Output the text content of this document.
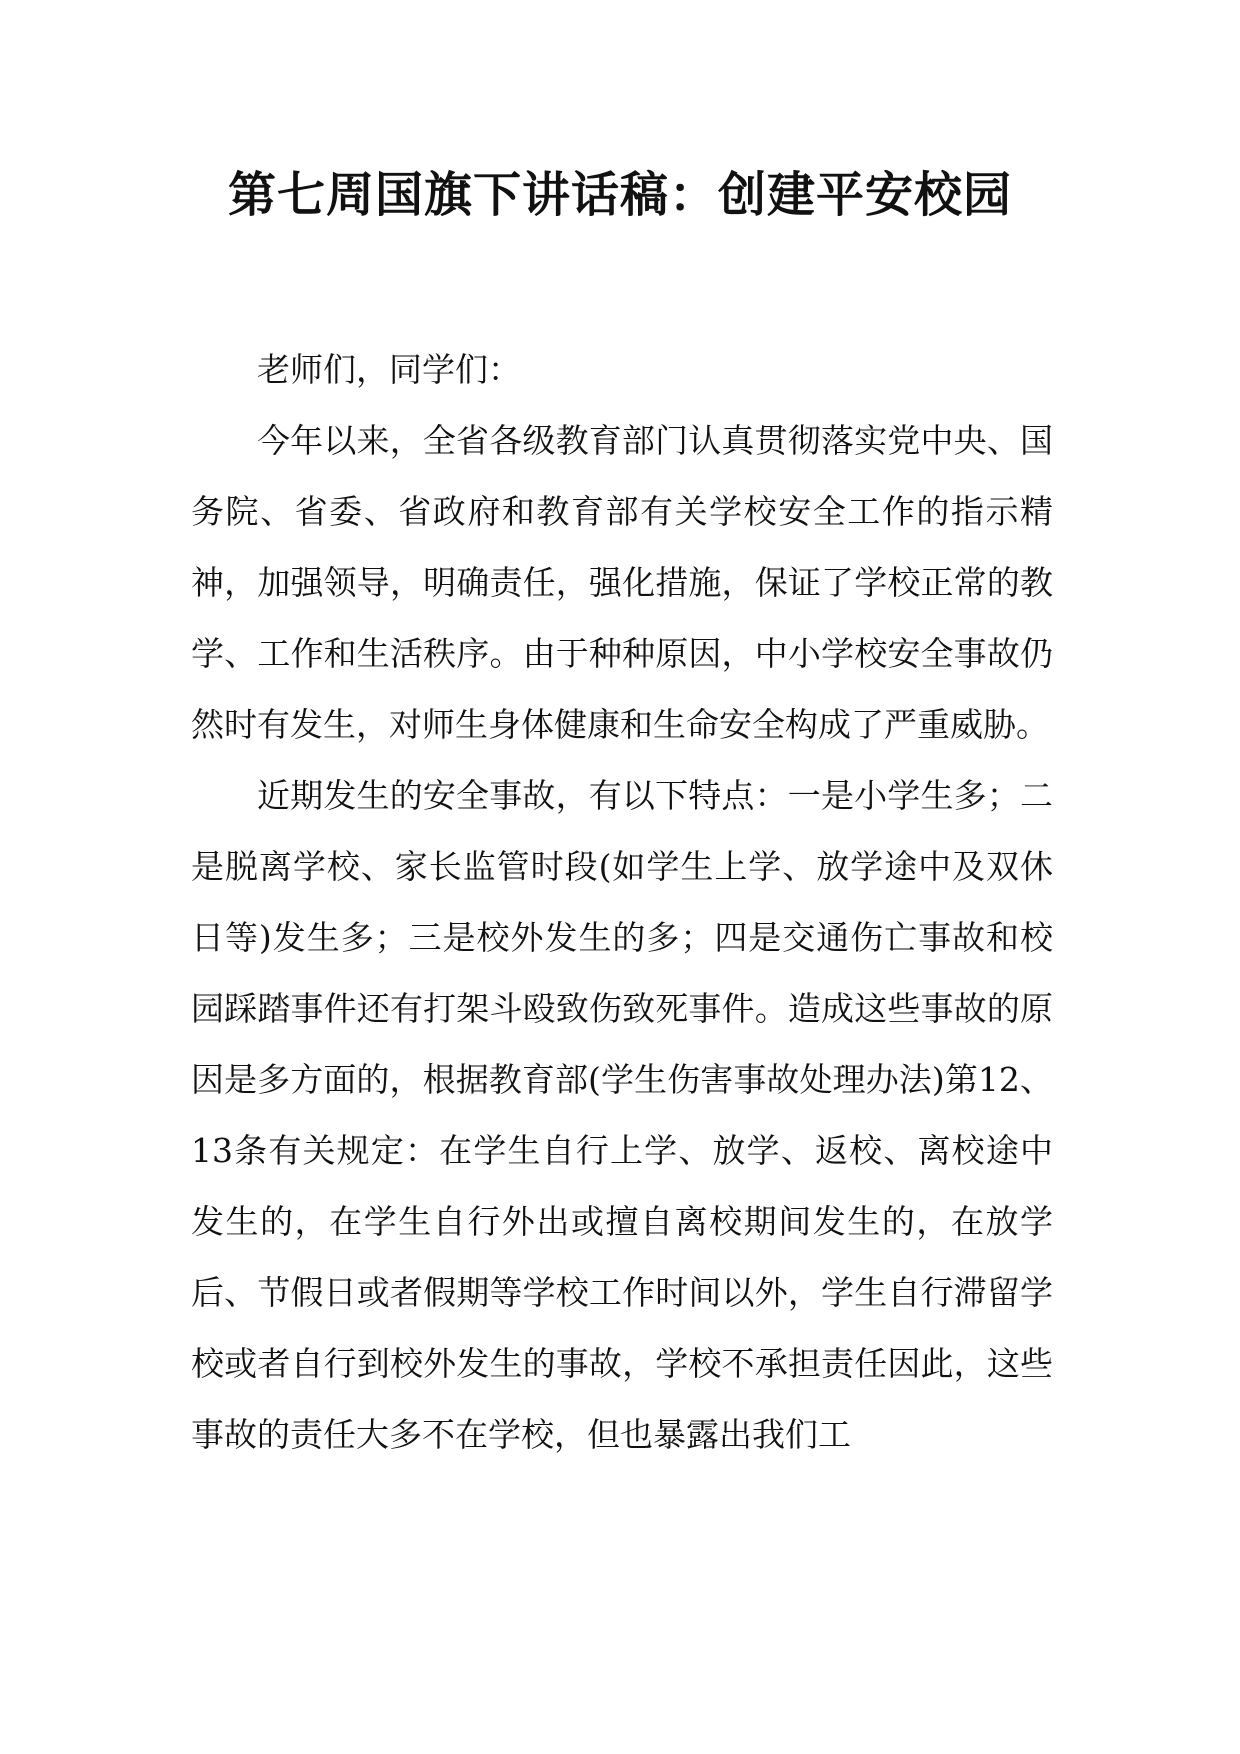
第七周国旗下讲话稿：创建平安校园

老师们，同学们：

今年以来，全省各级教育部门认真贯彻落实党中央、国务院、省委、省政府和教育部有关学校安全工作的指示精神，加强领导，明确责任，强化措施，保证了学校正常的教学、工作和生活秩序。由于种种原因，中小学校安全事故仍然时有发生，对师生身体健康和生命安全构成了严重威胁。

近期发生的安全事故，有以下特点：一是小学生多；二是脱离学校、家长监管时段(如学生上学、放学途中及双休日等)发生多；三是校外发生的多；四是交通伤亡事故和校园踩踏事件还有打架斗殴致伤致死事件。造成这些事故的原因是多方面的，根据教育部(学生伤害事故处理办法)第12、13条有关规定：在学生自行上学、放学、返校、离校途中发生的，在学生自行外出或擅自离校期间发生的，在放学后、节假日或者假期等学校工作时间以外，学生自行滞留学校或者自行到校外发生的事故，学校不承担责任因此，这些事故的责任大多不在学校，但也暴露出我们工
